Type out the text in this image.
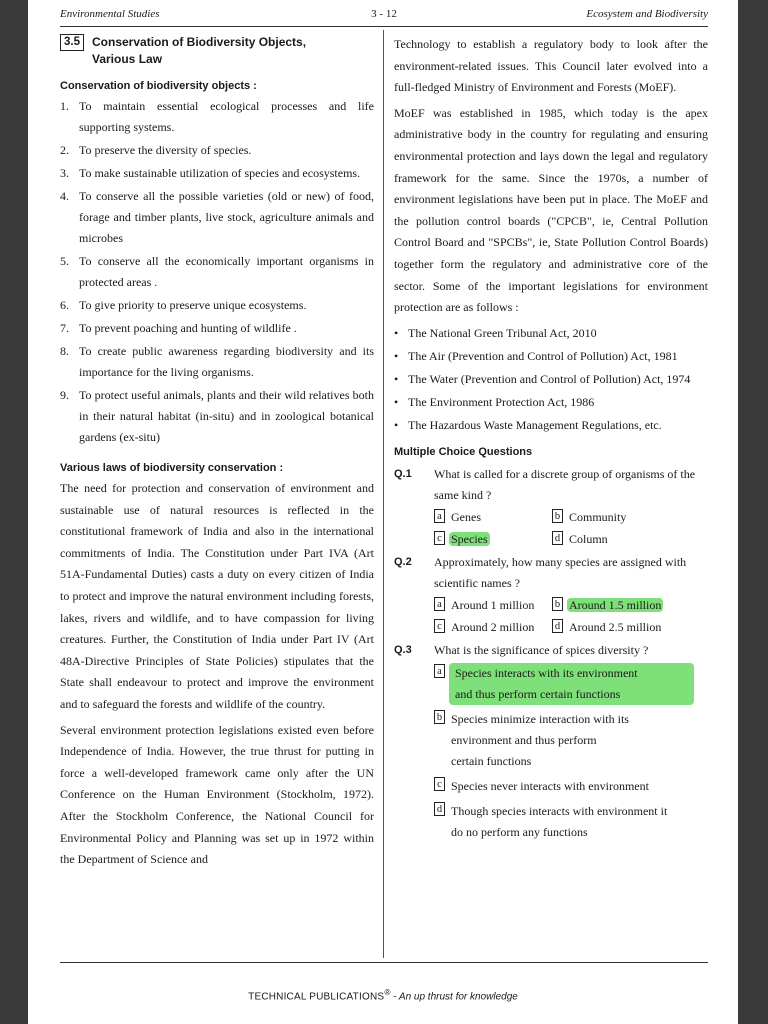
Environmental Studies	3 - 12	Ecosystem and Biodiversity
3.5	Conservation of Biodiversity Objects,
Various Law
Conservation of biodiversity objects :
1. To maintain essential ecological processes and life supporting systems.
2. To preserve the diversity of species.
3. To make sustainable utilization of species and ecosystems.
4. To conserve all the possible varieties (old or new) of food, forage and timber plants, live stock, agriculture animals and microbes
5. To conserve all the economically important organisms in protected areas .
6. To give priority to preserve unique ecosystems.
7. To prevent poaching and hunting of wildlife .
8. To create public awareness regarding biodiversity and its importance for the living organisms.
9. To protect useful animals, plants and their wild relatives both in their natural habitat (in-situ) and in zoological botanical gardens (ex-situ)
Various laws of biodiversity conservation :

The need for protection and conservation of environment and sustainable use of natural resources is reflected in the constitutional framework of India and also in the international commitments of India. The Constitution under Part IVA (Art 51A-Fundamental Duties) casts a duty on every citizen of India to protect and improve the natural environment including forests, lakes, rivers and wildlife, and to have compassion for living creatures. Further, the Constitution of India under Part IV (Art 48A-Directive Principles of State Policies) stipulates that the State shall endeavour to protect and improve the environment and to safeguard the forests and wildlife of the country.

Several environment protection legislations existed even before Independence of India. However, the true thrust for putting in force a well-developed framework came only after the UN Conference on the Human Environment (Stockholm, 1972). After the Stockholm Conference, the National Council for Environmental Policy and Planning was set up in 1972 within the Department of Science and

Technology to establish a regulatory body to look after the environment-related issues. This Council later evolved into a full-fledged Ministry of Environment and Forests (MoEF).

MoEF was established in 1985, which today is the apex administrative body in the country for regulating and ensuring environmental protection and lays down the legal and regulatory framework for the same. Since the 1970s, a number of environment legislations have been put in place. The MoEF and the pollution control boards ("CPCB", ie, Central Pollution Control Board and "SPCBs", ie, State Pollution Control Boards) together form the regulatory and administrative core of the sector. Some of the important legislations for environment protection are as follows :

• The National Green Tribunal Act, 2010
• The Air (Prevention and Control of Pollution) Act, 1981
• The Water (Prevention and Control of Pollution) Act, 1974
• The Environment Protection Act, 1986
• The Hazardous Waste Management Regulations, etc.
Multiple Choice Questions
Q.1 What is called for a discrete group of organisms of the same kind ?
a Genes	b Community
c Species	d Column
Q.2 Approximately, how many species are assigned with scientific names ?
a Around 1 million	b Around 1.5 million
c Around 2 million	d Around 2.5 million
Q.3 What is the significance of spices diversity ?
a Species interacts with its environment
and thus perform certain functions
b Species minimize interaction with its
environment and thus perform
certain functions
c Species never interacts with environment
d Though species interacts with environment it
do no perform any functions
TECHNICAL PUBLICATIONS® - An up thrust for knowledge
